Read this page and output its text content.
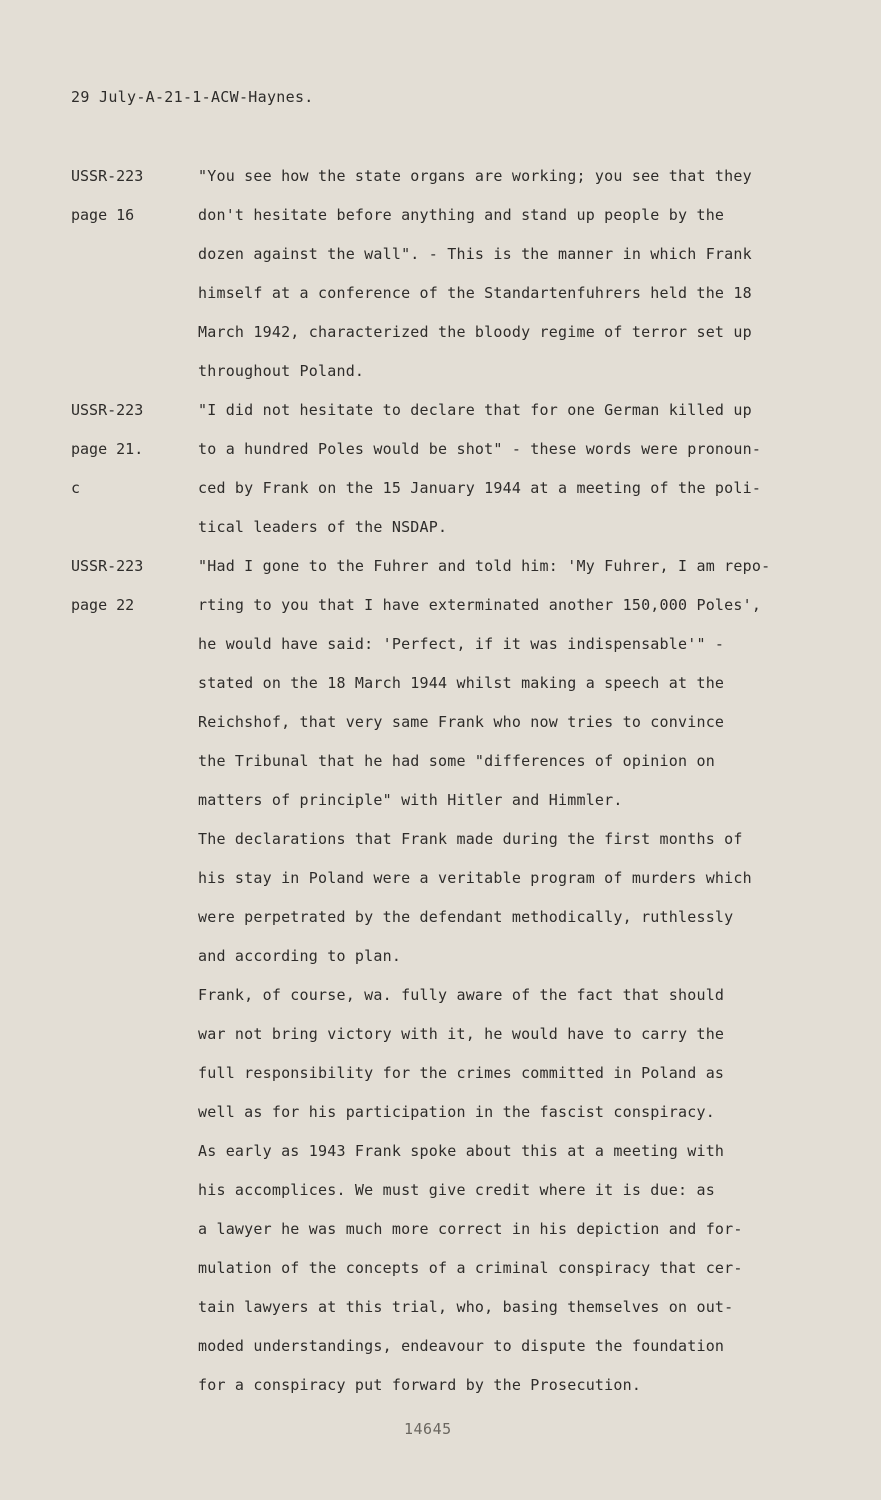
29 July-A-21-1-ACW-Haynes.
USSR-223
page 16
"You see how the state organs are working; you see that they
don't hesitate before anything and stand up people by the
dozen against the wall". - This is the manner in which Frank
himself at a conference of the Standartenfuhrers held the 18
March 1942, characterized the bloody regime of terror set up
throughout Poland.
USSR-223
page 21.
c
"I did not hesitate to declare that for one German killed up
to a hundred Poles would be shot" - these words were pronoun-
ced by Frank on the 15 January 1944 at a meeting of the poli-
tical leaders of the NSDAP.
USSR-223
page 22
"Had I gone to the Fuhrer and told him: 'My Fuhrer, I am repo-
rting to you that I have exterminated another 150,000 Poles',
he would have said: 'Perfect, if it was indispensable'" -
stated on the 18 March 1944 whilst making a speech at the
Reichshof, that very same Frank who now tries to convince
the Tribunal that he had some "differences of opinion on
matters of principle" with Hitler and Himmler.
The declarations that Frank made during the first months of
his stay in Poland were a veritable program of murders which
were perpetrated by the defendant methodically, ruthlessly
and according to plan.
Frank, of course, wa. fully aware of the fact that should
war not bring victory with it, he would have to carry the
full responsibility for the crimes committed in Poland as
well as for his participation in the fascist conspiracy.
As early as 1943 Frank spoke about this at a meeting with
his accomplices. We must give credit where it is due: as
a lawyer he was much more correct in his depiction and for-
mulation of the concepts of a criminal conspiracy that cer-
tain lawyers at this trial, who, basing themselves on out-
moded understandings, endeavour to dispute the foundation
for a conspiracy put forward by the Prosecution.
14645
